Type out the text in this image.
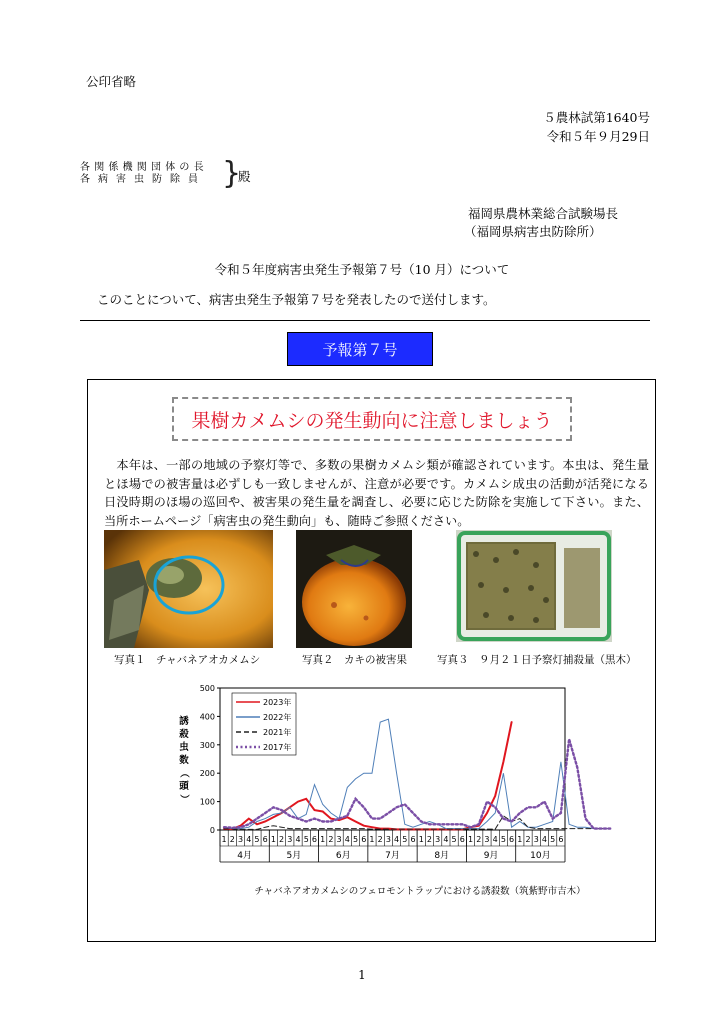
公印省略
５農林試第1640号
令和５年９月29日
各関係機関団体の長
各病害虫防除員 }
殿
福岡県農林業総合試験場長
（福岡県病害虫防除所）
令和５年度病害虫発生予報第７号（10 月）について
このことについて、病害虫発生予報第７号を発表したので送付します。
予報第７号
果樹カメムシの発生動向に注意しましょう
　本年は、一部の地域の予察灯等で、多数の果樹カメムシ類が確認されています。本虫は、発生量とほ場での被害量は必ずしも一致しませんが、注意が必要です。カメムシ成虫の活動が活発になる日没時期のほ場の巡回や、被害果の発生量を調査し、必要に応じた防除を実施して下さい。また、当所ホームページ「病害虫の発生動向」も、随時ご参照ください。
写真１　チャバネアオカメムシ	写真２　カキの被害果	写真３　９月２１日予察灯捕殺量（黒木）
誘
殺
虫
数
（
頭
）
0
100
200
300
400
500
1 2 3 4 5 6 1 2 3 4 5 6 1 2 3 4 5 6 1 2 3 4 5 6 1 2 3 4 5 6 1 2 3 4 5 6 1 2 3 4 5 6
4月	5月	6月	7月	8月	9月	10月
2023年
2022年
2021年
2017年
チャバネアオカメムシのフェロモントラップにおける誘殺数（筑紫野市吉木）
1
